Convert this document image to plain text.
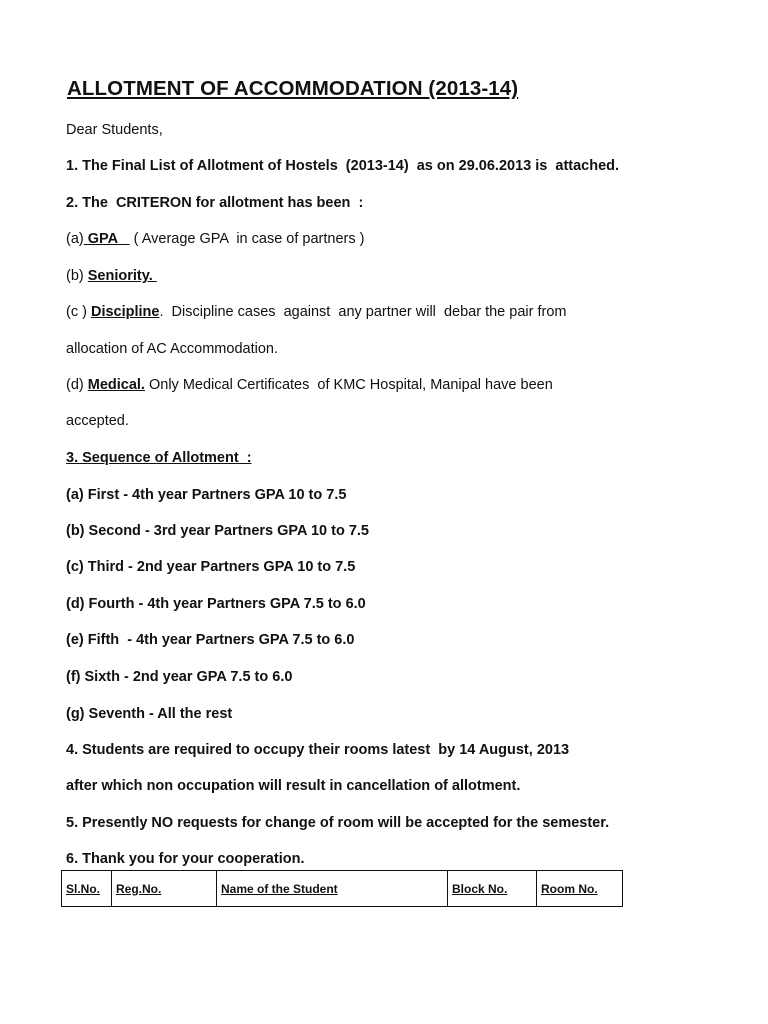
ALLOTMENT OF ACCOMMODATION (2013-14)
Dear Students,
1. The Final List of Allotment of Hostels  (2013-14)  as on 29.06.2013 is  attached.
2. The  CRITERON for allotment has been  :
(a) GPA    ( Average GPA  in case of partners )
(b) Seniority.
(c ) Discipline.  Discipline cases  against  any partner will  debar the pair from
allocation of AC Accommodation.
(d) Medical. Only Medical Certificates  of KMC Hospital, Manipal have been
accepted.
3. Sequence of Allotment  :
(a) First - 4th year Partners GPA 10 to 7.5
(b) Second - 3rd year Partners GPA 10 to 7.5
(c) Third - 2nd year Partners GPA 10 to 7.5
(d) Fourth - 4th year Partners GPA 7.5 to 6.0
(e) Fifth  - 4th year Partners GPA 7.5 to 6.0
(f) Sixth - 2nd year GPA 7.5 to 6.0
(g) Seventh - All the rest
4. Students are required to occupy their rooms latest  by 14 August, 2013
after which non occupation will result in cancellation of allotment.
5. Presently NO requests for change of room will be accepted for the semester.
6. Thank you for your cooperation.
Sl.No.	Reg.No.	Name of the Student	Block No.	Room No.
